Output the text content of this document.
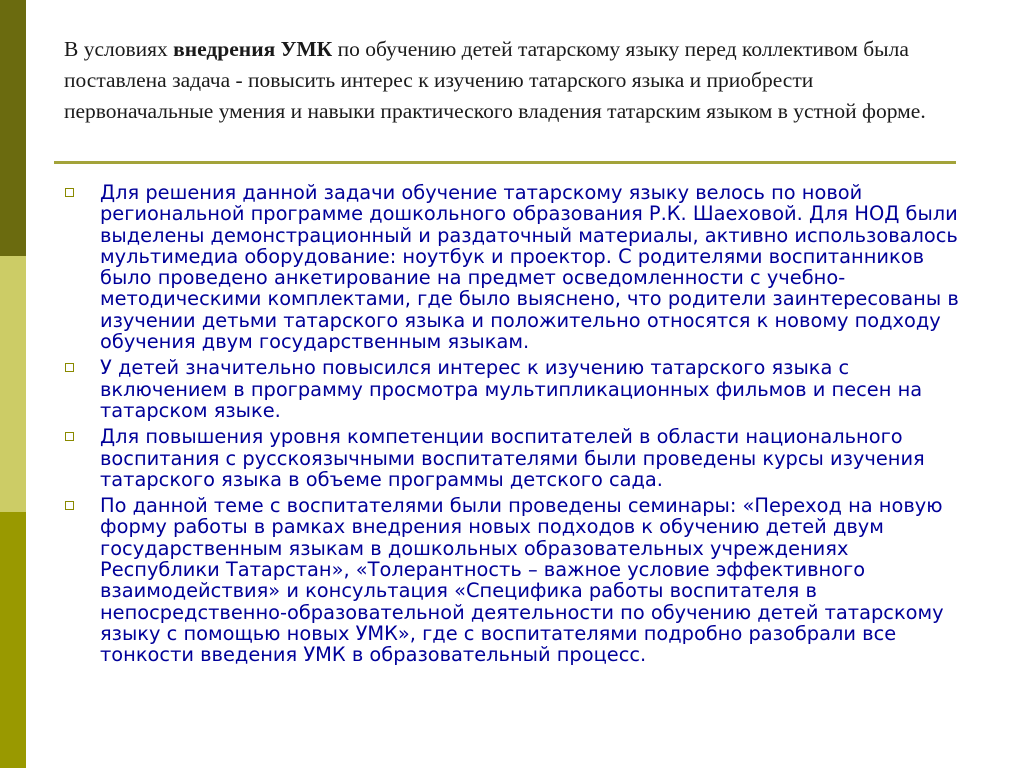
В условиях внедрения УМК по обучению детей татарскому языку перед коллективом была поставлена задача - повысить интерес к изучению татарского языка и приобрести первоначальные умения и навыки практического владения татарским языком в устной форме.

Для решения данной задачи обучение татарскому языку велось по новой региональной программе дошкольного образования Р.К. Шаеховой. Для НОД были выделены демонстрационный и раздаточный материалы, активно использовалось мультимедиа оборудование: ноутбук и проектор. С родителями воспитанников было проведено анкетирование на предмет осведомленности с учебно-методическими комплектами, где было выяснено, что родители заинтересованы в изучении детьми татарского языка и положительно относятся к новому подходу обучения двум государственным языкам.
У детей значительно повысился интерес к изучению татарского языка с включением в программу просмотра мультипликационных фильмов и песен на татарском языке.
Для повышения уровня компетенции воспитателей в области национального воспитания с русскоязычными воспитателями были проведены курсы изучения татарского языка в объеме программы детского сада.
По данной теме с воспитателями были проведены семинары: «Переход на новую форму работы в рамках внедрения новых подходов к обучению детей двум государственным языкам в дошкольных образовательных учреждениях Республики Татарстан», «Толерантность – важное условие эффективного взаимодействия» и консультация «Специфика работы воспитателя в непосредственно-образовательной деятельности по обучению детей татарскому языку с помощью новых УМК», где с воспитателями подробно разобрали все тонкости введения УМК в образовательный процесс.
